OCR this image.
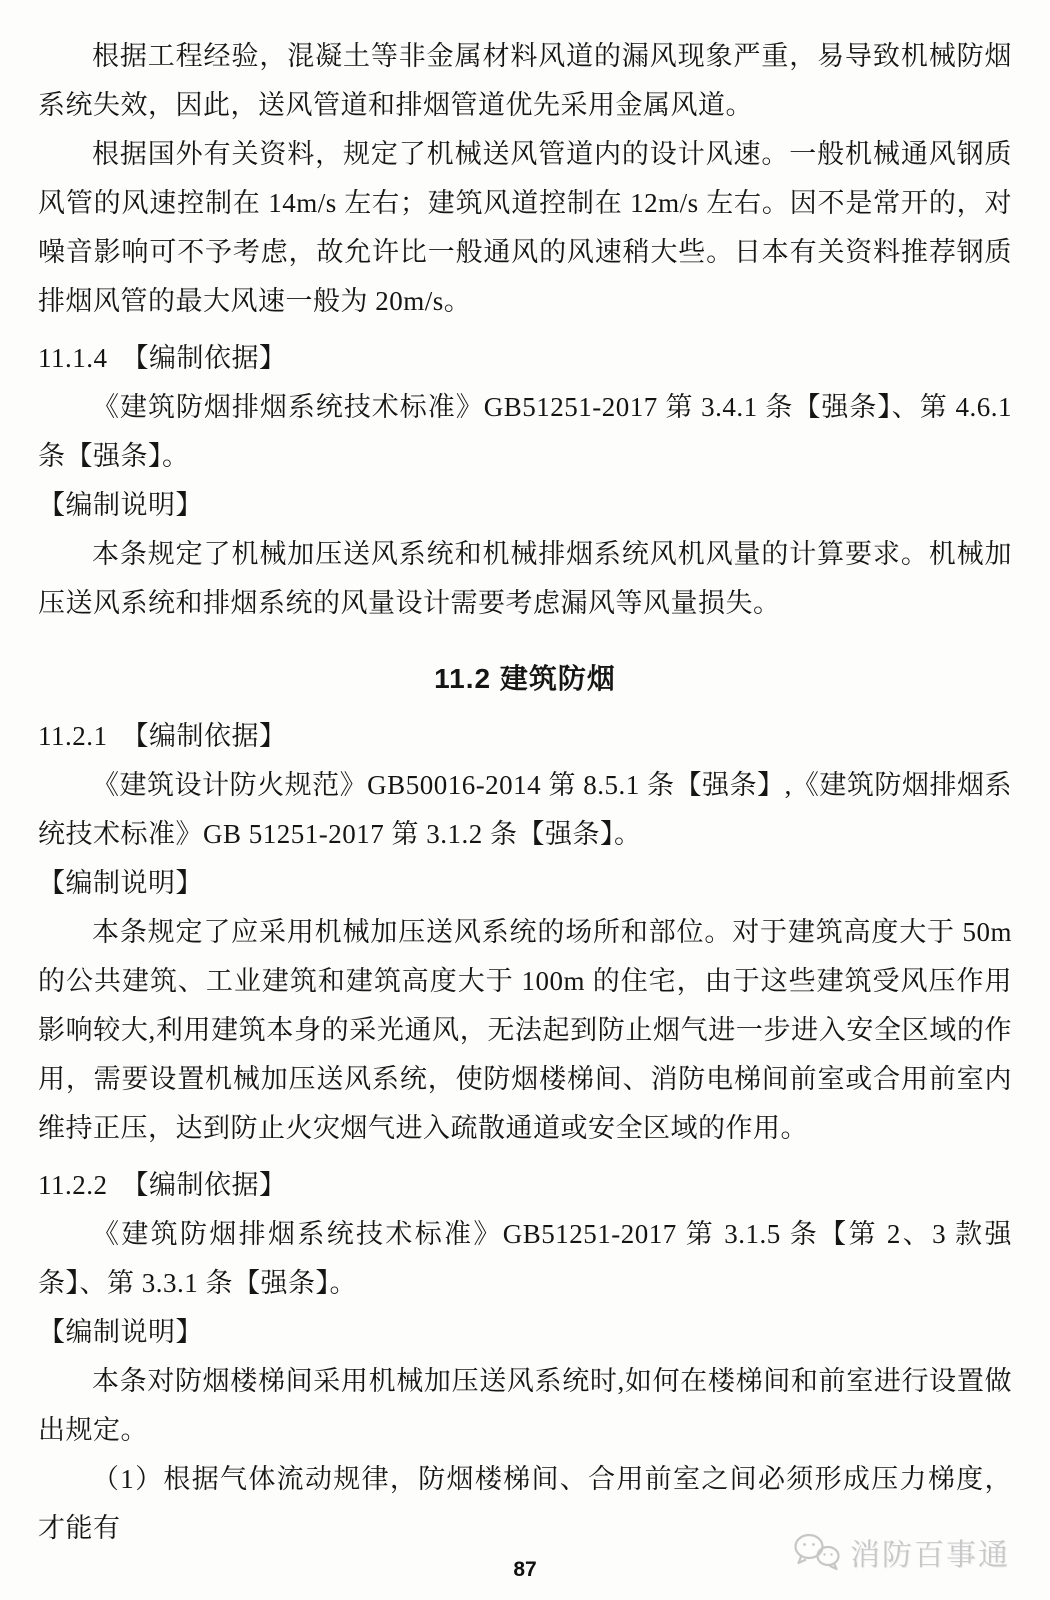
根据工程经验，混凝土等非金属材料风道的漏风现象严重，易导致机械防烟系统失效，因此，送风管道和排烟管道优先采用金属风道。

根据国外有关资料，规定了机械送风管道内的设计风速。一般机械通风钢质风管的风速控制在 14m/s 左右；建筑风道控制在 12m/s 左右。因不是常开的，对噪音影响可不予考虑，故允许比一般通风的风速稍大些。日本有关资料推荐钢质排烟风管的最大风速一般为 20m/s。

11.1.4　【编制依据】

《建筑防烟排烟系统技术标准》GB51251-2017 第 3.4.1 条【强条】、第 4.6.1 条【强条】。

【编制说明】

本条规定了机械加压送风系统和机械排烟系统风机风量的计算要求。机械加压送风系统和排烟系统的风量设计需要考虑漏风等风量损失。

11.2 建筑防烟

11.2.1　【编制依据】

《建筑设计防火规范》GB50016-2014 第 8.5.1 条【强条】,《建筑防烟排烟系统技术标准》GB 51251-2017 第 3.1.2 条【强条】。

【编制说明】

本条规定了应采用机械加压送风系统的场所和部位。对于建筑高度大于 50m 的公共建筑、工业建筑和建筑高度大于 100m 的住宅，由于这些建筑受风压作用影响较大,利用建筑本身的采光通风，无法起到防止烟气进一步进入安全区域的作用，需要设置机械加压送风系统，使防烟楼梯间、消防电梯间前室或合用前室内维持正压，达到防止火灾烟气进入疏散通道或安全区域的作用。

11.2.2　【编制依据】

《建筑防烟排烟系统技术标准》GB51251-2017 第 3.1.5 条【第 2、3 款强条】、第 3.3.1 条【强条】。

【编制说明】

本条对防烟楼梯间采用机械加压送风系统时,如何在楼梯间和前室进行设置做出规定。

（1）根据气体流动规律，防烟楼梯间、合用前室之间必须形成压力梯度，才能有

消防百事通
87
